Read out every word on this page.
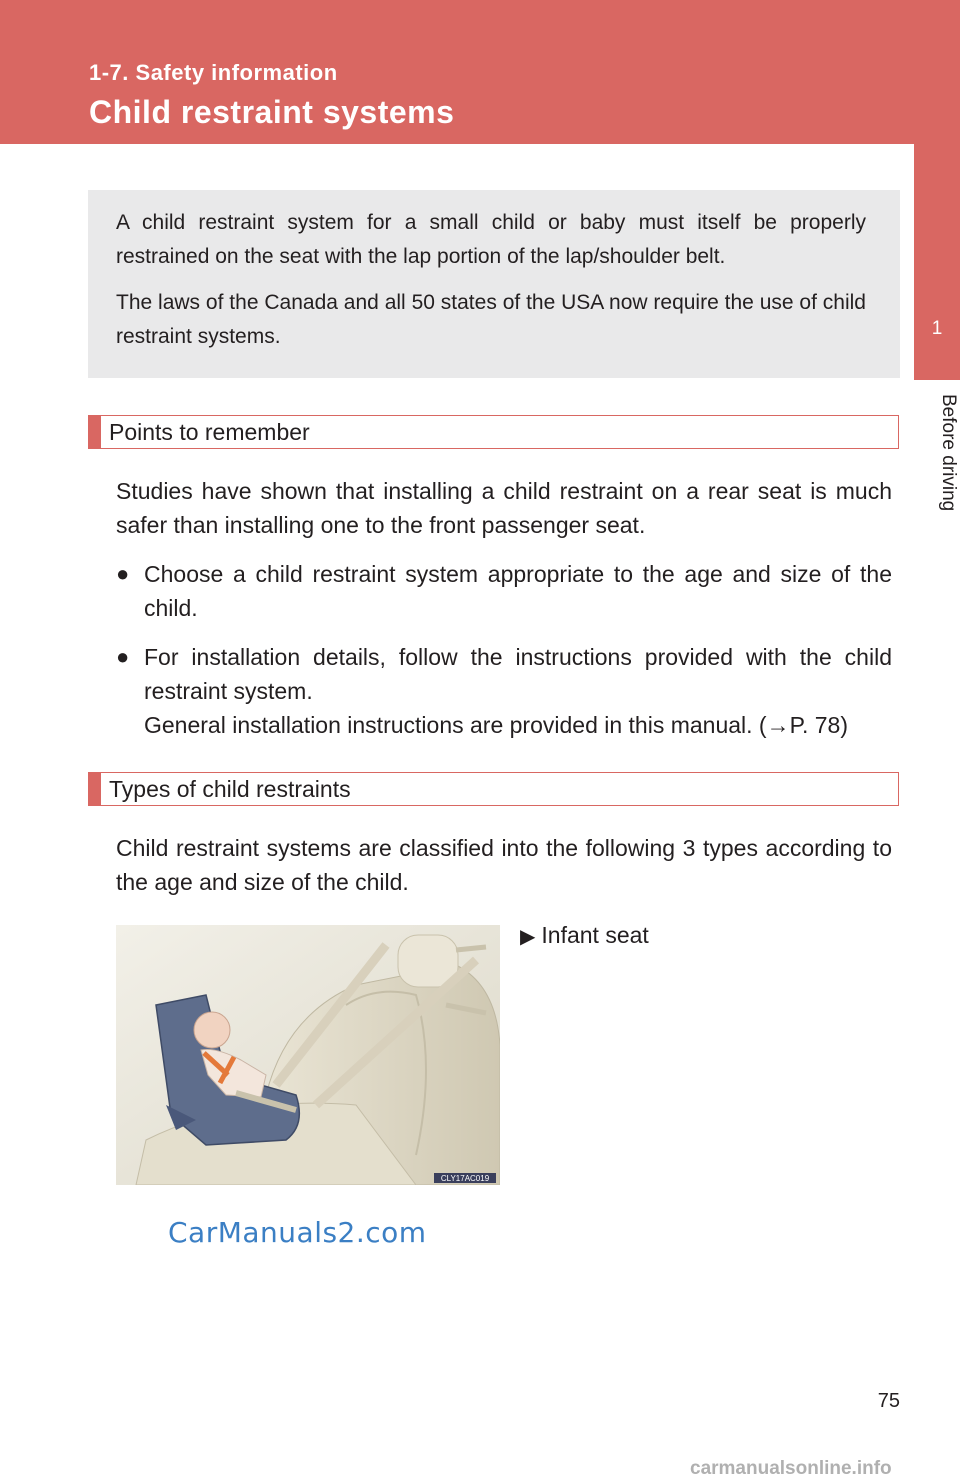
1-7. Safety information
Child restraint systems
1
Before driving

A child restraint system for a small child or baby must itself be properly restrained on the seat with the lap portion of the lap/shoulder belt.

The laws of the Canada and all 50 states of the USA now require the use of child restraint systems.

Points to remember

Studies have shown that installing a child restraint on a rear seat is much safer than installing one to the front passenger seat.

● Choose a child restraint system appropriate to the age and size of the child.
● For installation details, follow the instructions provided with the child restraint system.
General installation instructions are provided in this manual. (→P. 78)
Types of child restraints

Child restraint systems are classified into the following 3 types according to the age and size of the child.

▶ Infant seat
CLY17AC019
CarManuals2.com
75
carmanualsonline.info
